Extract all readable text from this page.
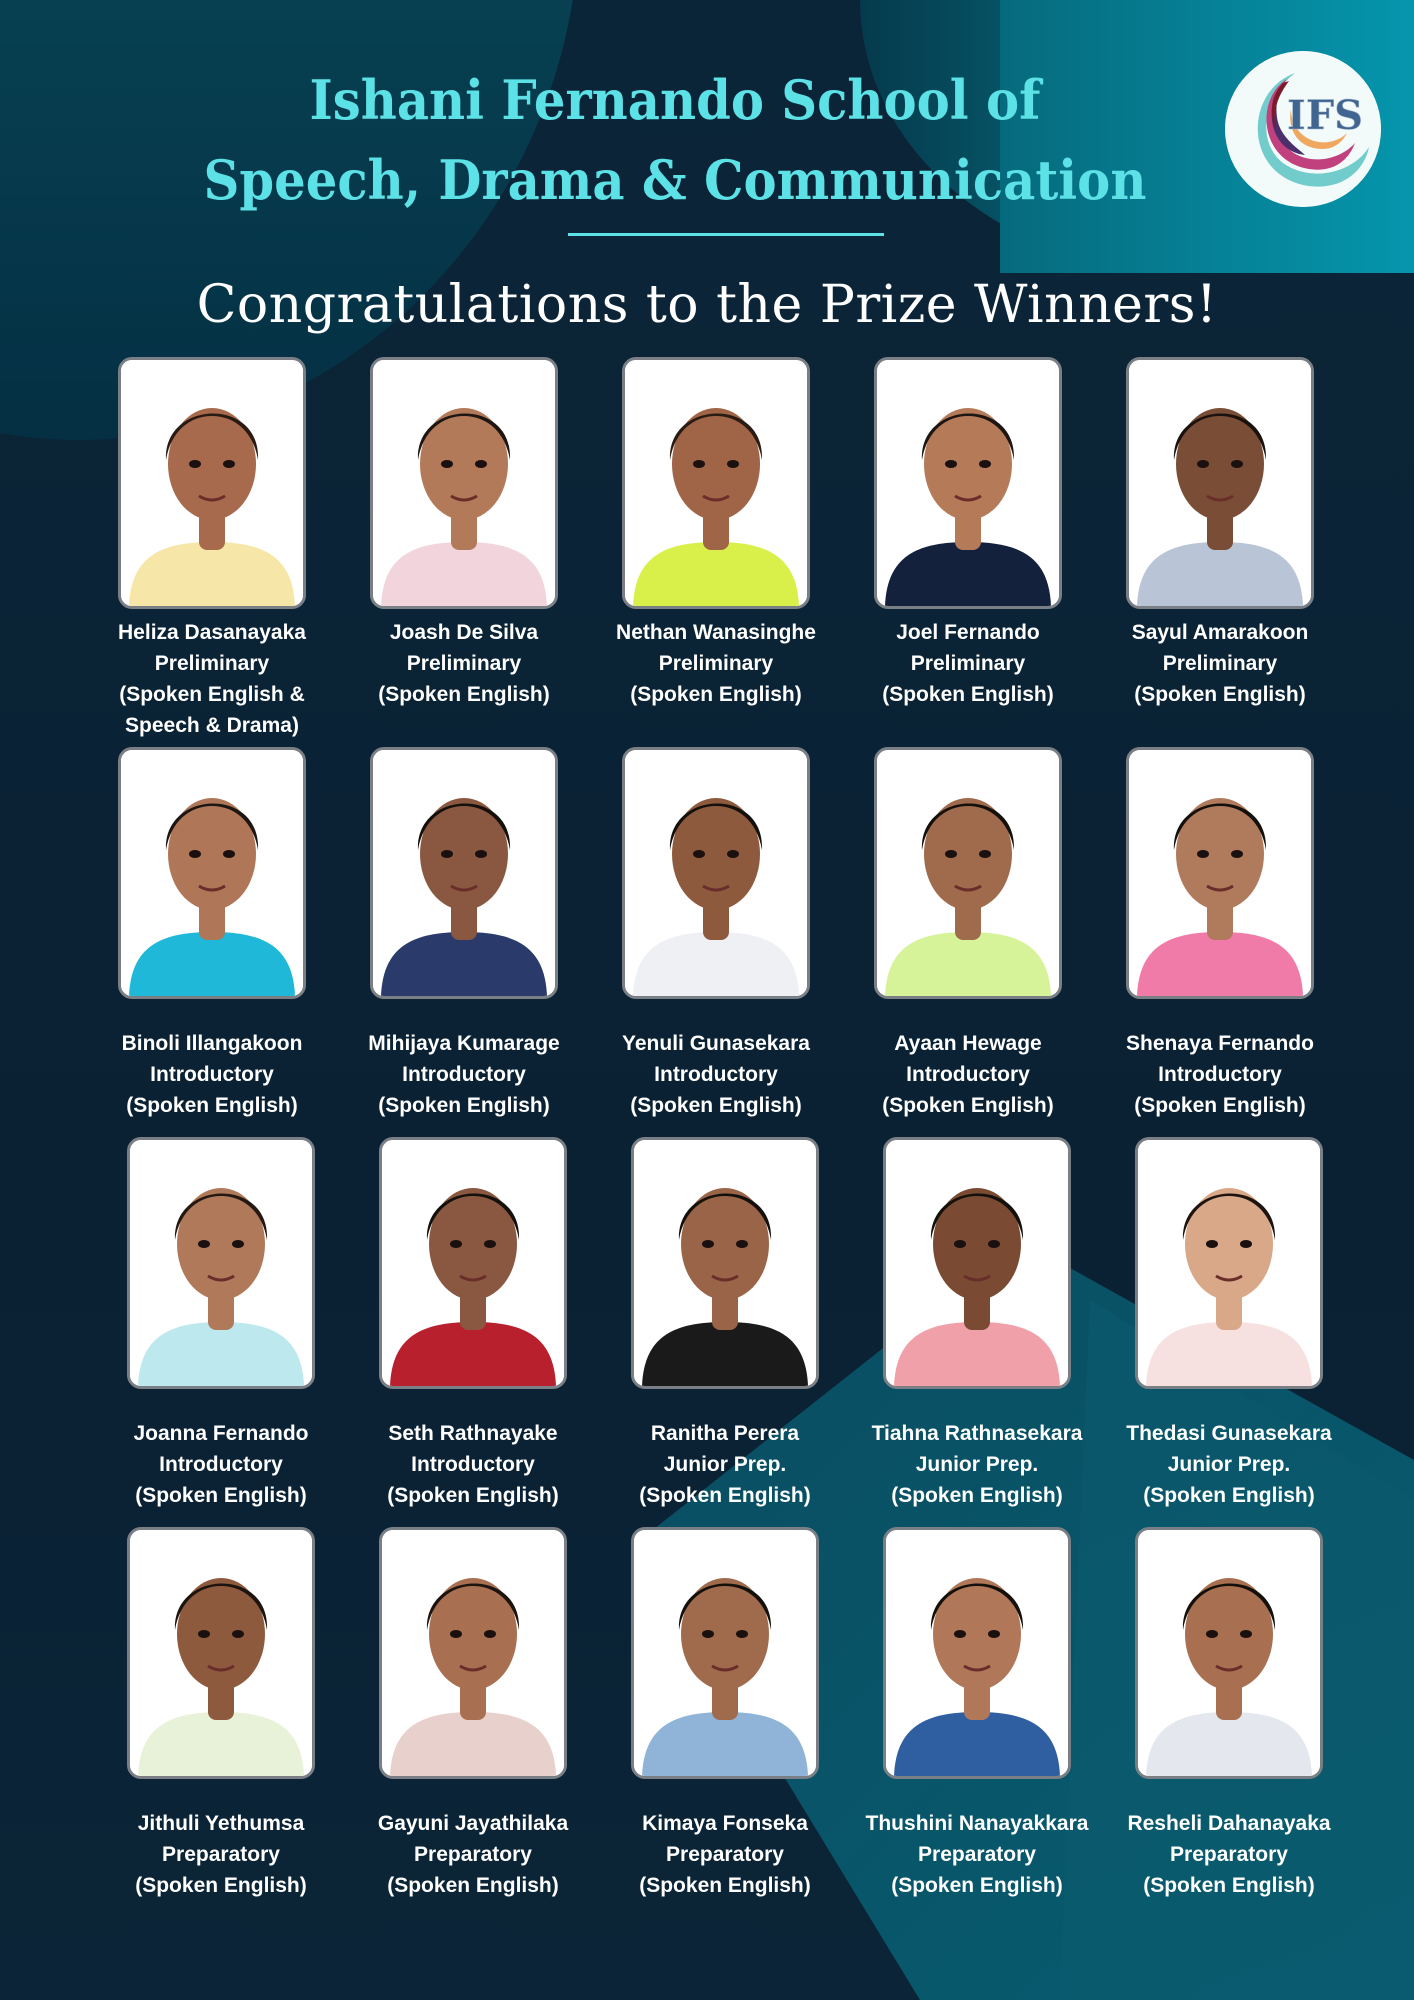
Ishani Fernando School of
Speech, Drama & Communication
Congratulations to the Prize Winners!
IFS
Heliza Dasanayaka
Preliminary
(Spoken English &
Speech & Drama)
Joash De Silva
Preliminary
(Spoken English)
Nethan Wanasinghe
Preliminary
(Spoken English)
Joel Fernando
Preliminary
(Spoken English)
Sayul Amarakoon
Preliminary
(Spoken English)
Binoli Illangakoon
Introductory
(Spoken English)
Mihijaya Kumarage
Introductory
(Spoken English)
Yenuli Gunasekara
Introductory
(Spoken English)
Ayaan Hewage
Introductory
(Spoken English)
Shenaya Fernando
Introductory
(Spoken English)
Joanna Fernando
Introductory
(Spoken English)
Seth Rathnayake
Introductory
(Spoken English)
Ranitha Perera
Junior Prep.
(Spoken English)
Tiahna Rathnasekara
Junior Prep.
(Spoken English)
Thedasi Gunasekara
Junior Prep.
(Spoken English)
Jithuli Yethumsa
Preparatory
(Spoken English)
Gayuni Jayathilaka
Preparatory
(Spoken English)
Kimaya Fonseka
Preparatory
(Spoken English)
Thushini Nanayakkara
Preparatory
(Spoken English)
Resheli Dahanayaka
Preparatory
(Spoken English)
